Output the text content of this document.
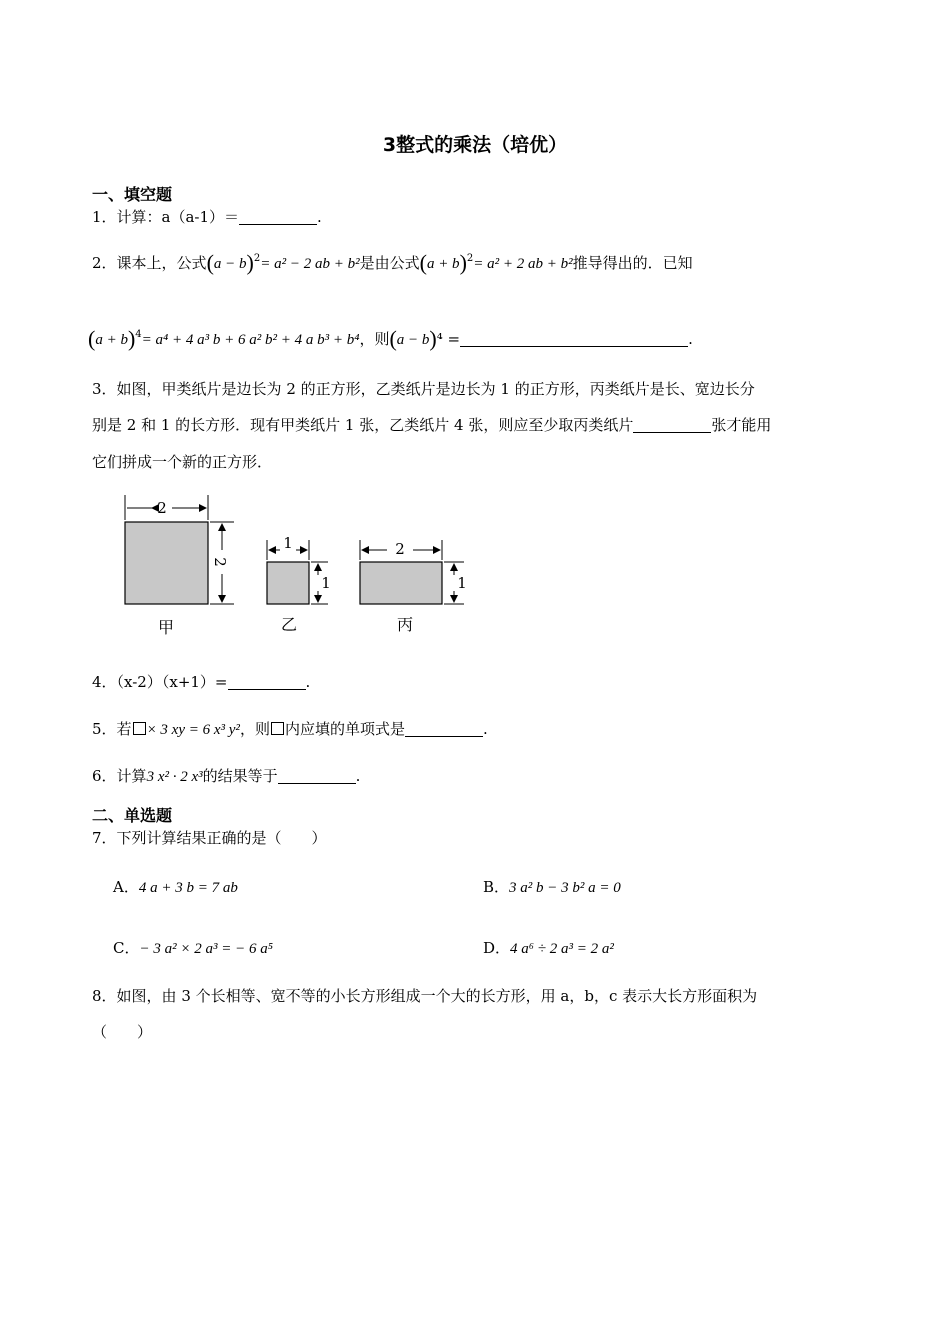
3整式的乘法（培优）
一、填空题
1．计算：a（a-1）＝	.
2．课本上，公式$(a - b)^2= a^2 - 2$ ab + b²是由公式$(a + b)^2= a^2 + 2$ ab + b²推导得出的．已知
$(a + b)^4= a^4 + 4$ a³ b + 6 a² b² + 4 a b³ + b⁴，则(a − b)⁴ =	.
3．如图，甲类纸片是边长为 2 的正方形，乙类纸片是边长为 1 的正方形，丙类纸片是长、宽边长分
别是 2 和 1 的长方形．现有甲类纸片 1 张，乙类纸片 4 张，则应至少取丙类纸片	张才能用
它们拼成一个新的正方形．
2
2
1
1
2
1
甲	乙	丙
4．（x-2）（x+1）=	.
5．若 × 3 xy = 6 x³ y²，则 内应填的单项式是	.
6．计算3 x² · 2 x³的结果等于	.
二、单选题
7．下列计算结果正确的是（　　）
A．4 a + 3 b = 7 ab	B．3 a² b − 3 b² a = 0
C．− 3 a² × 2 a³ = − 6 a⁵	D．4 a⁶ ÷ 2 a³ = 2 a²
8．如图，由 3 个长相等、宽不等的小长方形组成一个大的长方形，用 a，b，c 表示大长方形面积为
（　　）
